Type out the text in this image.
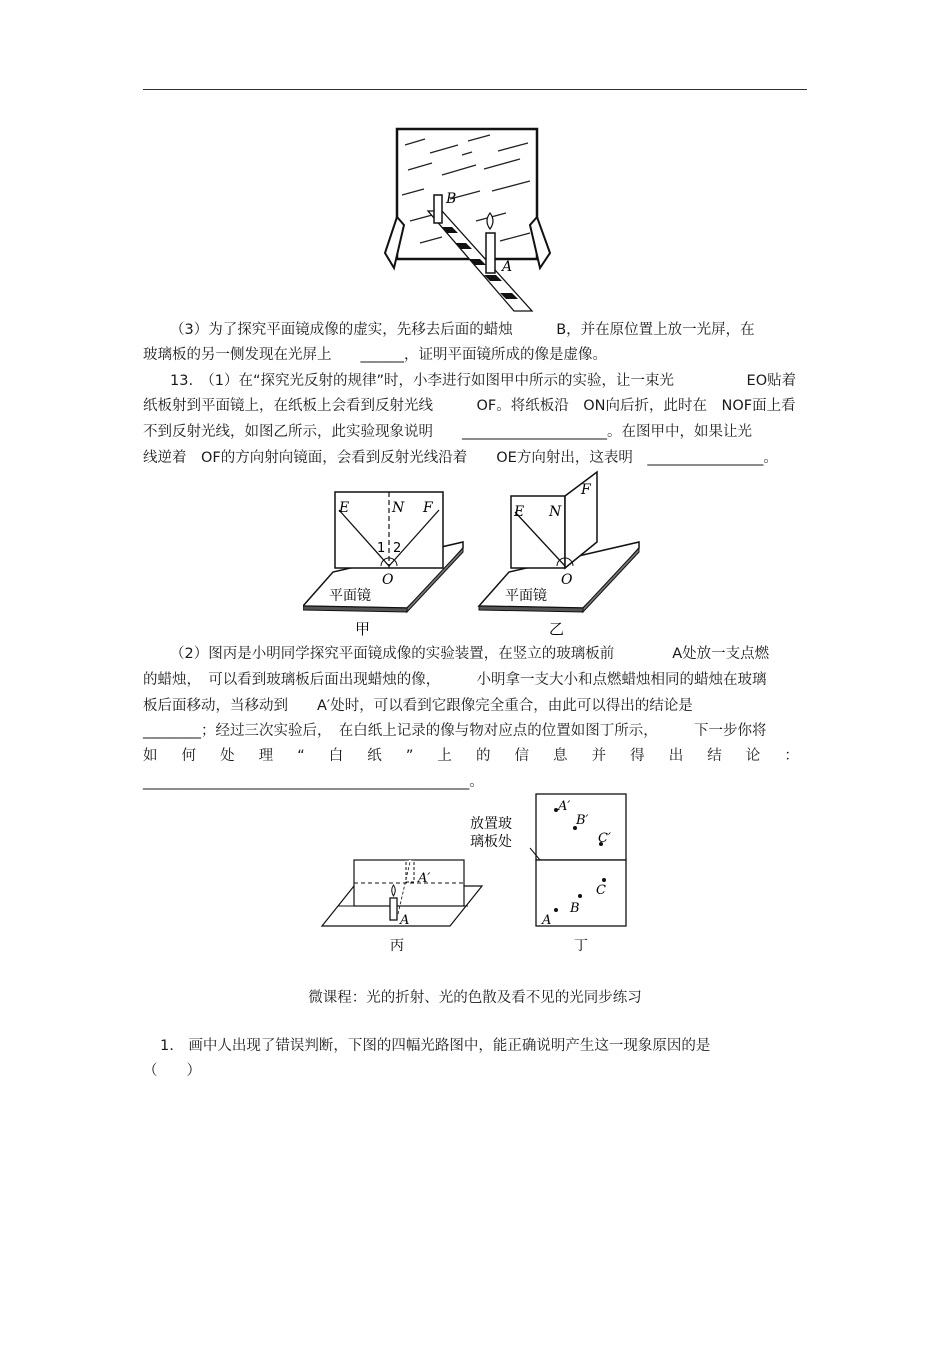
B
A
（3）为了探究平面镜成像的虚实，先移去后面的蜡烛　　　B，并在原位置上放一光屏，在
玻璃板的另一侧发现在光屏上　　______，证明平面镜所成的像是虚像。
13.　（1）在“探究光反射的规律”时，小李进行如图甲中所示的实验，让一束光　　　　　EO贴着
纸板射到平面镜上，在纸板上会看到反射光线　　　OF。将纸板沿　ON向后折，此时在　NOF面上看
不到反射光线，如图乙所示，此实验现象说明　　____________________。在图甲中，如果让光
线逆着　OF的方向射向镜面，会看到反射光线沿着　　OE方向射出，这表明　________________。
E	N F
1 2
O
平面镜
甲
E N
F
O
平面镜
乙
（2）图丙是小明同学探究平面镜成像的实验装置，在竖立的玻璃板前　　　　A处放一支点燃
的蜡烛，　可以看到玻璃板后面出现蜡烛的像，　　　小明拿一支大小和点燃蜡烛相同的蜡烛在玻璃
板后面移动，当移动到　　A′处时，可以看到它跟像完全重合，由此可以得出的结论是
________；经过三次实验后，　在白纸上记录的像与物对应点的位置如图丁所示，　　　下一步你将
如 何 处 理 “ 白 纸 ” 上 的 信 息 并 得 出 结 论 ：
_____________________________________________。
A′
A
丙
放置玻
璃板处
A′
B′
C′
A
B
C
丁
微课程：光的折射、光的色散及看不见的光同步练习
1.　画中人出现了错误判断，下图的四幅光路图中，能正确说明产生这一现象原因的是
（　　）
